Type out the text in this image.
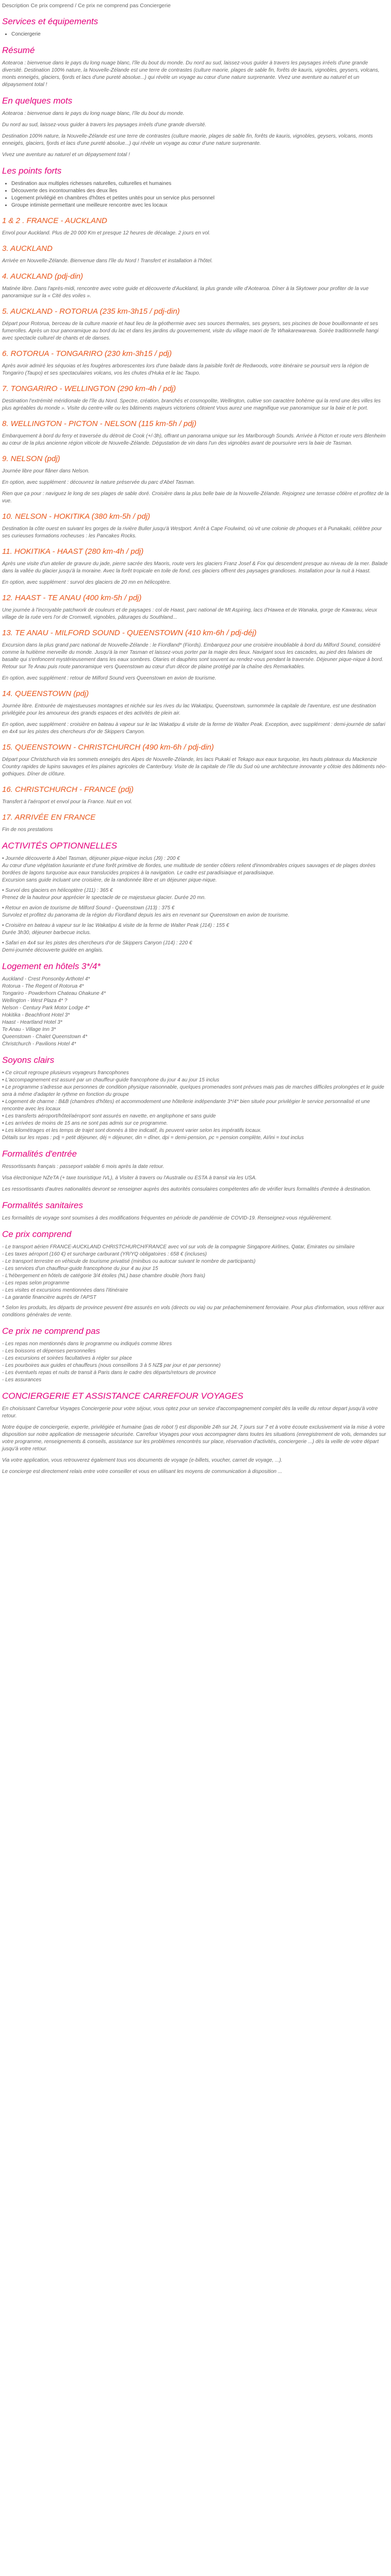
Description Ce prix comprend / Ce prix ne comprend pas Conciergerie
Services et équipements
• Conciergerie
Résumé

Aotearoa : bienvenue dans le pays du long nuage blanc, l'île du bout du monde. Du nord au sud, laissez-vous guider à travers les paysages irréels d'une grande diversité. Destination 100% nature, la Nouvelle-Zélande est une terre de contrastes (culture maorie, plages de sable fin, forêts de kauris, vignobles, geysers, volcans, monts enneigés, glaciers, fjords et lacs d'une pureté absolue...) qui révèle un voyage au cœur d'une nature surprenante. Vivez une aventure au naturel et un dépaysement total !

En quelques mots

Aotearoa : bienvenue dans le pays du long nuage blanc, l'île du bout du monde.

Du nord au sud, laissez-vous guider à travers les paysages irréels d'une grande diversité.

Destination 100% nature, la Nouvelle-Zélande est une terre de contrastes (culture maorie, plages de sable fin, forêts de kauris, vignobles, geysers, volcans, monts enneigés, glaciers, fjords et lacs d'une pureté absolue...) qui révèle un voyage au cœur d'une nature surprenante.

Vivez une aventure au naturel et un dépaysement total !

Les points forts
• Destination aux multiples richesses naturelles, culturelles et humaines
• Découverte des incontournables des deux îles
• Logement privilégié en chambres d'hôtes et petites unités pour un service plus personnel
• Groupe intimiste permettant une meilleure rencontre avec les locaux
1 & 2 . FRANCE - AUCKLAND

Envol pour Auckland. Plus de 20 000 Km et presque 12 heures de décalage. 2 jours en vol.

3. AUCKLAND

Arrivée en Nouvelle-Zélande. Bienvenue dans l'île du Nord ! Transfert et installation à l'hôtel.

4. AUCKLAND (pdj-din)

Matinée libre. Dans l'après-midi, rencontre avec votre guide et découverte d'Auckland, la plus grande ville d'Aotearoa. Dîner à la Skytower pour profiter de la vue panoramique sur la « Cité des voiles ».

5. AUCKLAND - ROTORUA (235 km-3h15 / pdj-din)

Départ pour Rotorua, berceau de la culture maorie et haut lieu de la géothermie avec ses sources thermales, ses geysers, ses piscines de boue bouillonnante et ses fumerolles. Après un tour panoramique au bord du lac et dans les jardins du gouvernement, visite du village maori de Te Whakarewarewa. Soirée traditionnelle hangi avec spectacle culturel de chants et de danses.

6. ROTORUA - TONGARIRO (230 km-3h15 / pdj)

Après avoir admiré les séquoias et les fougères arborescentes lors d'une balade dans la paisible forêt de Redwoods, votre itinéraire se poursuit vers la région de Tongariro (Taupo) et ses spectaculaires volcans, vos les chutes d'Huka et le lac Taupo.

7. TONGARIRO - WELLINGTON (290 km-4h / pdj)

Destination l'extrémité méridionale de l'île du Nord. Spectre, création, branchés et cosmopolite, Wellington, cultive son caractère bohème qui la rend une des villes les plus agréables du monde ». Visite du centre-ville ou les bâtiments majeurs victoriens côtoient Vous aurez une magnifique vue panoramique sur la baie et le port.

8. WELLINGTON - PICTON - NELSON (115 km-5h / pdj)

Embarquement à bord du ferry et traversée du détroit de Cook (+/-3h), offrant un panorama unique sur les Marlborough Sounds. Arrivée à Picton et route vers Blenheim au cœur de la plus ancienne région viticole de Nouvelle-Zélande. Dégustation de vin dans l'un des vignobles avant de poursuivre vers la baie de Tasman.

9. NELSON (pdj)

Journée libre pour flâner dans Nelson.

En option, avec supplément : découvrez la nature préservée du parc d'Abel Tasman.

Rien que ça pour : naviguez le long de ses plages de sable doré. Croisière dans la plus belle baie de la Nouvelle-Zélande. Rejoignez une terrasse côtière et profitez de la vue.

10. NELSON - HOKITIKA (380 km-5h / pdj)

Destination la côte ouest en suivant les gorges de la rivière Buller jusqu'à Westport. Arrêt à Cape Foulwind, où vit une colonie de phoques et à Punakaiki, célèbre pour ses curieuses formations rocheuses : les Pancakes Rocks.

11. HOKITIKA - HAAST (280 km-4h / pdj)

Après une visite d'un atelier de gravure du jade, pierre sacrée des Maoris, route vers les glaciers Franz Josef & Fox qui descendent presque au niveau de la mer. Balade dans la vallée du glacier jusqu'à la moraine. Avec la forêt tropicale en toile de fond, ces glaciers offrent des paysages grandioses. Installation pour la nuit à Haast.

En option, avec supplément : survol des glaciers de 20 mn en hélicoptère.

12. HAAST - TE ANAU (400 km-5h / pdj)

Une journée à l'incroyable patchwork de couleurs et de paysages : col de Haast, parc national de Mt Aspiring, lacs d'Hawea et de Wanaka, gorge de Kawarau, vieux village de la ruée vers l'or de Cromwell, vignobles, pâturages du Southland...

13. TE ANAU - MILFORD SOUND - QUEENSTOWN (410 km-6h / pdj-déj)

Excursion dans la plus grand parc national de Nouvelle-Zélande : le Fiordland* (Fiords). Embarquez pour une croisière inoubliable à bord du Milford Sound, considéré comme la huitième merveille du monde. Jusqu'à la mer Tasman et laissez-vous porter par la magie des lieux. Navigant sous les cascades, au pied des falaises de basalte qui s'enfoncent mystérieusement dans les eaux sombres. Otaries et dauphins sont souvent au rendez-vous pendant la traversée. Déjeuner pique-nique à bord. Retour sur Te Anau puis route panoramique vers Queenstown au cœur d'un décor de plaine protégé par la chaîne des Remarkables.

En option, avec supplément : retour de Milford Sound vers Queenstown en avion de tourisme.

14. QUEENSTOWN (pdj)

Journée libre. Entourée de majestueuses montagnes et nichée sur les rives du lac Wakatipu, Queenstown, surnommée la capitale de l'aventure, est une destination privilégiée pour les amoureux des grands espaces et des activités de plein air.

En option, avec supplément : croisière en bateau à vapeur sur le lac Wakatipu & visite de la ferme de Walter Peak. Exception, avec supplément : demi-journée de safari en 4x4 sur les pistes des chercheurs d'or de Skippers Canyon.

15. QUEENSTOWN - CHRISTCHURCH (490 km-6h / pdj-din)

Départ pour Christchurch via les sommets enneigés des Alpes de Nouvelle-Zélande, les lacs Pukaki et Tekapo aux eaux turquoise, les hauts plateaux du Mackenzie Country rapides de lupins sauvages et les plaines agricoles de Canterbury. Visite de la capitale de l'île du Sud où une architecture innovante y côtoie des bâtiments néo-gothiques. Dîner de clôture.

16. CHRISTCHURCH - FRANCE (pdj)

Transfert à l'aéroport et envol pour la France. Nuit en vol.

17. ARRIVÉE EN FRANCE

Fin de nos prestations

ACTIVITÉS OPTIONNELLES
• Journée découverte à Abel Tasman, déjeuner pique-nique inclus (J9) : 200 €
Au cœur d'une végétation luxuriante et d'une forêt primitive de fiordes, une multitude de sentier côtiers relient d'innombrables criques sauvages et de plages dorées bordées de lagons turquoise aux eaux translucides propices à la navigation. Le cadre est paradisiaque et paradisiaque.
Excursion sans guide incluant une croisière, de la randonnée libre et un déjeuner pique-nique.
• Survol des glaciers en hélicoptère (J11) : 365 €
Prenez de la hauteur pour apprécier le spectacle de ce majestueux glacier. Durée 20 mn.
• Retour en avion de tourisme de Milford Sound - Queenstown (J13) : 375 €
Survolez et profitez du panorama de la région du Fiordland depuis les airs en revenant sur Queenstown en avion de tourisme.
• Croisière en bateau à vapeur sur le lac Wakatipu & visite de la ferme de Walter Peak (J14) : 155 €
Durée 3h30, déjeuner barbecue inclus.
• Safari en 4x4 sur les pistes des chercheurs d'or de Skippers Canyon (J14) : 220 €
Demi-journée découverte guidée en anglais.
Logement en hôtels 3*/4*
Auckland - Crest Ponsonby Arthotel 4*
Rotorua - The Regent of Rotorua 4*
Tongariro - Powderhorn Chateau Ohakune 4*
Wellington - West Plaza 4* ?
Nelson - Century Park Motor Lodge 4*
Hokitika - Beachfront Hotel 3*
Haast - Heartland Hotel 3*
Te Anau - Village Inn 3*
Queenstown - Chalet Queenstown 4*
Christchurch - Pavilions Hotel 4*
Soyons clairs
• Ce circuit regroupe plusieurs voyageurs francophones
• L'accompagnement est assuré par un chauffeur-guide francophone du jour 4 au jour 15 inclus
• Le programme s'adresse aux personnes de condition physique raisonnable, quelques promenades sont prévues mais pas de marches difficiles prolongées et le guide sera à même d'adapter le rythme en fonction du groupe
• Logement de charme : B&B (chambres d'hôtes) et accommodement une hôtellerie indépendante 3*/4* bien située pour privilégier le service personnalisé et une rencontre avec les locaux
• Les transferts aéroport/hôtel/aéroport sont assurés en navette, en anglophone et sans guide
• Les arrivées de moins de 15 ans ne sont pas admis sur ce programme.
• Les kilométrages et les temps de trajet sont donnés à titre indicatif, ils peuvent varier selon les impératifs locaux.
Détails sur les repas : pdj = petit déjeuner, déj = déjeuner, din = dîner, dpi = demi-pension, pc = pension complète, AI/ini = tout inclus
Formalités d'entrée

Ressortissants français : passeport valable 6 mois après la date retour.

Visa électronique NZeTA (+ taxe touristique IVL), à Visiter à travers ou l'Australie ou ESTA à transit via les USA.

Les ressortissants d'autres nationalités devront se renseigner auprès des autorités consulaires compétentes afin de vérifier leurs formalités d'entrée à destination.

Formalités sanitaires

Les formalités de voyage sont soumises à des modifications fréquentes en période de pandémie de COVID-19. Renseignez-vous régulièrement.

Ce prix comprend
- Le transport aérien FRANCE-AUCKLAND CHRISTCHURCH/FRANCE avec vol sur vols de la compagnie Singapore Airlines, Qatar, Emirates ou similaire
- Les taxes aéroport (160 €) et surcharge carburant (YR/YQ obligatoires : 658 € (incluses)
- Le transport terrestre en véhicule de tourisme privatisé (minibus ou autocar suivant le nombre de participants)
- Les services d'un chauffeur-guide francophone du jour 4 au jour 15
- L'hébergement en hôtels de catégorie 3/4 étoiles (NL) base chambre double (hors frais)
- Les repas selon programme
- Les visites et excursions mentionnées dans l'itinéraire
- La garantie financière auprès de l'APST
* Selon les produits, les départs de province peuvent être assurés en vols (directs ou via) ou par préacheminement ferroviaire. Pour plus d'information, vous référer aux conditions générales de vente.
Ce prix ne comprend pas
- Les repas non mentionnés dans le programme ou indiqués comme libres
- Les boissons et dépenses personnelles
- Les excursions et soirées facultatives à régler sur place
- Les pourboires aux guides et chauffeurs (nous conseillons 3 à 5 NZ$ par jour et par personne)
- Les éventuels repas et nuits de transit à Paris dans le cadre des départs/retours de province
- Les assurances
CONCIERGERIE ET ASSISTANCE CARREFOUR VOYAGES

En choisissant Carrefour Voyages Conciergerie pour votre séjour, vous optez pour un service d'accompagnement complet dès la veille du retour depart jusqu'à votre retour.

Notre équipe de conciergerie, experte, privilégiée et humaine (pas de robot !) est disponible 24h sur 24, 7 jours sur 7 et à votre écoute exclusivement via la mise à votre disposition sur notre application de messagerie sécurisée. Carrefour Voyages pour vous accompagner dans toutes les situations (enregistrement de vols, demandes sur votre programme, renseignements & conseils, assistance sur les problèmes rencontrés sur place, réservation d'activités, conciergerie ...) dès la veille de votre départ jusqu'à votre retour.

Via votre application, vous retrouverez également tous vos documents de voyage (e-billets, voucher, carnet de voyage, ...).

Le concierge est directement relais entre votre conseiller et vous en utilisant les moyens de communication à disposition ...
